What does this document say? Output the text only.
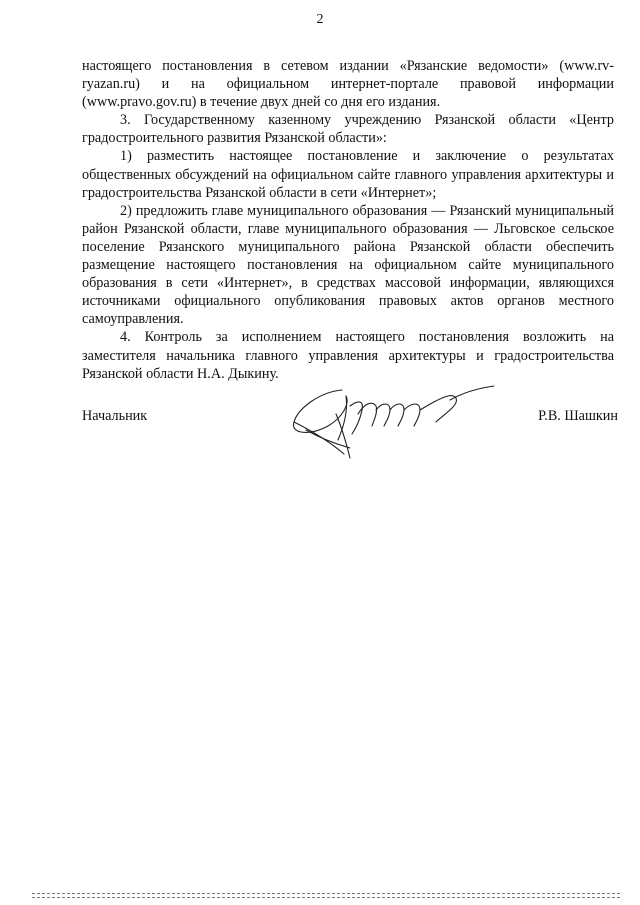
2

настоящего постановления в сетевом издании «Рязанские ведомости» (www.rv-ryazan.ru) и на официальном интернет-портале правовой информации (www.pravo.gov.ru) в течение двух дней со дня его издания.

3. Государственному казенному учреждению Рязанской области «Центр градостроительного развития Рязанской области»:

1) разместить настоящее постановление и заключение о результатах общественных обсуждений на официальном сайте главного управления архитектуры и градостроительства Рязанской области в сети «Интернет»;

2) предложить главе муниципального образования — Рязанский муниципальный район Рязанской области, главе муниципального образования — Льговское сельское поселение Рязанского муниципального района Рязанской области обеспечить размещение настоящего постановления на официальном сайте муниципального образования в сети «Интернет», в средствах массовой информации, являющихся источниками официального опубликования правовых актов органов местного самоуправления.

4. Контроль за исполнением настоящего постановления возложить на заместителя начальника главного управления архитектуры и градостроительства Рязанской области Н.А. Дыкину.

Начальник	Р.В. Шашкин
